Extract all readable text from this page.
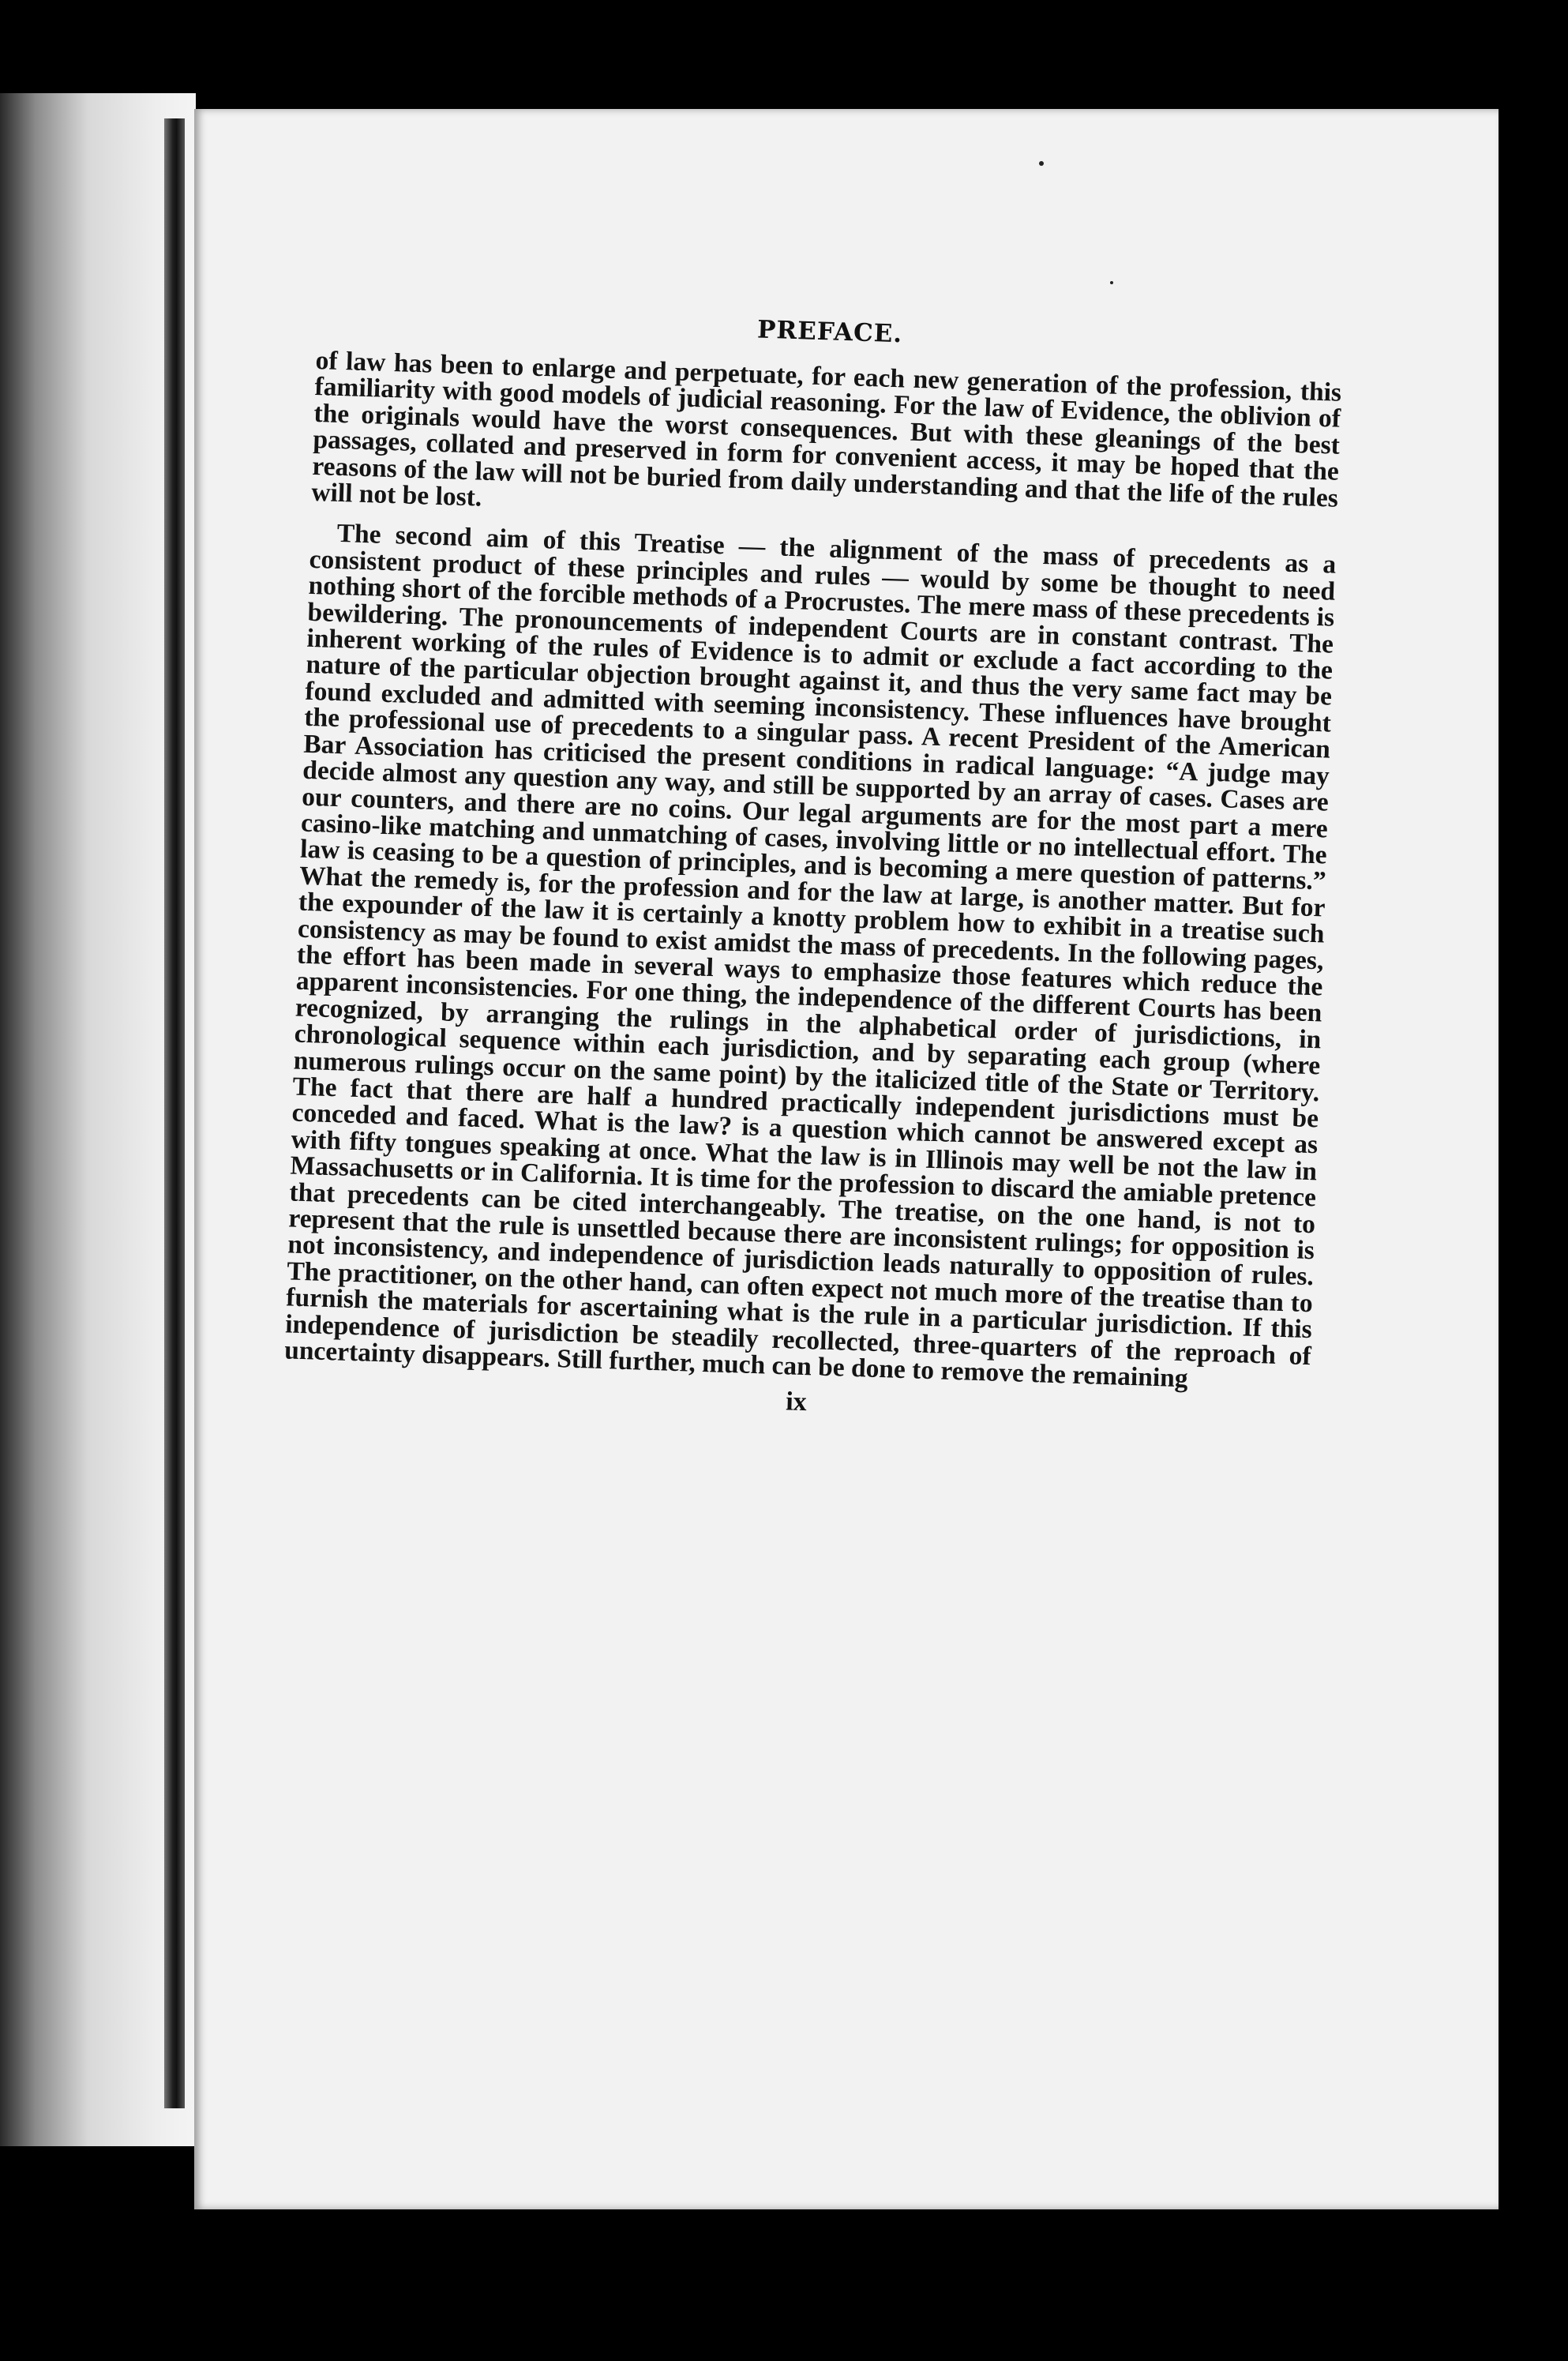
PREFACE.

of law has been to enlarge and perpetuate, for each new generation of the profession, this familiarity with good models of judicial reasoning. For the law of Evidence, the oblivion of the originals would have the worst consequences. But with these gleanings of the best passages, collated and preserved in form for convenient access, it may be hoped that the reasons of the law will not be buried from daily understanding and that the life of the rules will not be lost.

The second aim of this Treatise — the alignment of the mass of precedents as a consistent product of these principles and rules — would by some be thought to need nothing short of the forcible methods of a Procrustes. The mere mass of these precedents is bewildering. The pronouncements of independent Courts are in constant contrast. The inherent working of the rules of Evidence is to admit or exclude a fact according to the nature of the particular objection brought against it, and thus the very same fact may be found excluded and admitted with seeming inconsistency. These influences have brought the professional use of precedents to a singular pass. A recent President of the American Bar Association has criticised the present conditions in radical language: “A judge may decide almost any question any way, and still be supported by an array of cases. Cases are our counters, and there are no coins. Our legal arguments are for the most part a mere casino-like matching and unmatching of cases, involving little or no intellectual effort. The law is ceasing to be a question of principles, and is becoming a mere question of patterns.” What the remedy is, for the profession and for the law at large, is another matter. But for the expounder of the law it is certainly a knotty problem how to exhibit in a treatise such consistency as may be found to exist amidst the mass of precedents. In the following pages, the effort has been made in several ways to emphasize those features which reduce the apparent inconsistencies. For one thing, the independence of the different Courts has been recognized, by arranging the rulings in the alphabetical order of jurisdictions, in chronological sequence within each jurisdiction, and by separating each group (where numerous rulings occur on the same point) by the italicized title of the State or Territory. The fact that there are half a hundred practically independent jurisdictions must be conceded and faced. What is the law? is a question which cannot be answered except as with fifty tongues speaking at once. What the law is in Illinois may well be not the law in Massachusetts or in California. It is time for the profession to discard the amiable pretence that precedents can be cited interchangeably. The treatise, on the one hand, is not to represent that the rule is unsettled because there are inconsistent rulings; for opposition is not inconsistency, and independence of jurisdiction leads naturally to opposition of rules. The practitioner, on the other hand, can often expect not much more of the treatise than to furnish the materials for ascertaining what is the rule in a particular jurisdiction. If this independence of jurisdiction be steadily recollected, three-quarters of the reproach of uncertainty disappears. Still further, much can be done to remove the remaining

ix
